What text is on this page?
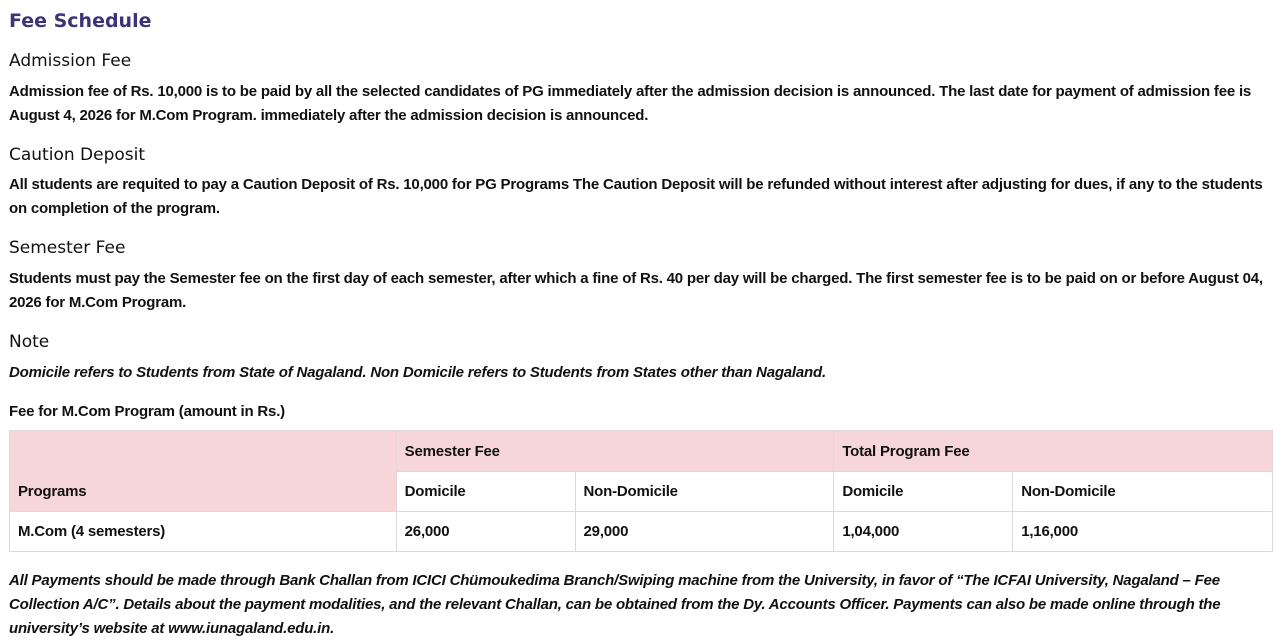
Fee Schedule
Admission Fee

Admission fee of Rs. 10,000 is to be paid by all the selected candidates of PG immediately after the admission decision is announced. The last date for payment of admission fee is August 4, 2026 for M.Com Program. immediately after the admission decision is announced.

Caution Deposit

All students are requited to pay a Caution Deposit of Rs. 10,000 for PG Programs The Caution Deposit will be refunded without interest after adjusting for dues, if any to the students on completion of the program.

Semester Fee

Students must pay the Semester fee on the first day of each semester, after which a fine of Rs. 40 per day will be charged. The first semester fee is to be paid on or before August 04, 2026 for M.Com Program.

Note

Domicile refers to Students from State of Nagaland. Non Domicile refers to Students from States other than Nagaland.

Fee for M.Com Program (amount in Rs.)

Programs	Semester Fee		Total Program Fee	
	Domicile	Non-Domicile	Domicile	Non-Domicile
M.Com (4 semesters)	26,000	29,000	1,04,000	1,16,000

All Payments should be made through Bank Challan from ICICI Chümoukedima Branch/Swiping machine from the University, in favor of “The ICFAI University, Nagaland – Fee Collection A/C”. Details about the payment modalities, and the relevant Challan, can be obtained from the Dy. Accounts Officer. Payments can also be made online through the university’s website at www.iunagaland.edu.in.
